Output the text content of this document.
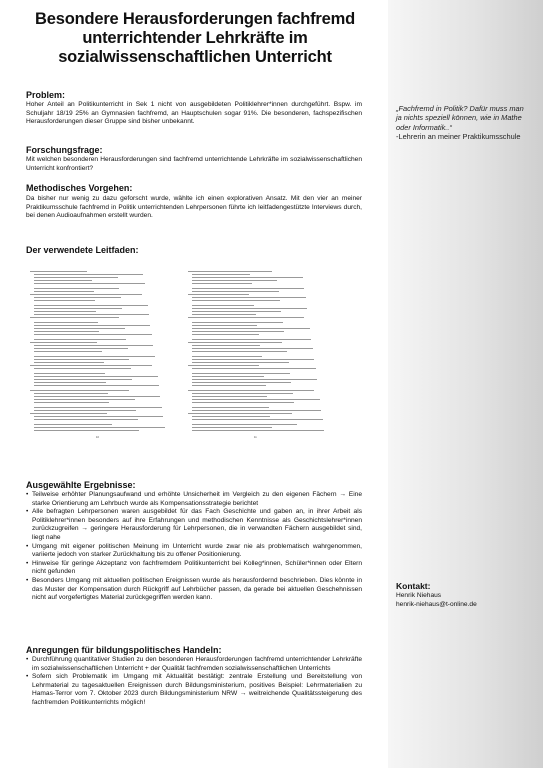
Besondere Herausforderungen fachfremd unterrichtender Lehrkräfte im sozialwissenschaftlichen Unterricht
Problem:
Hoher Anteil an Politikunterricht in Sek 1 nicht von ausgebildeten Politiklehrer*innen durchgeführt. Bspw. im Schuljahr 18/19 25% an Gymnasien fachfremd, an Hauptschulen sogar 91%. Die besonderen, fachspezifischen Herausforderungen dieser Gruppe sind bisher unbekannt.
Forschungsfrage:
Mit welchen besonderen Herausforderungen sind fachfremd unterrichtende Lehrkräfte im sozialwissenschaftlichen Unterricht konfrontiert?
Methodisches Vorgehen:
Da bisher nur wenig zu dazu geforscht wurde, wählte ich einen explorativen Ansatz. Mit den vier an meiner Praktikumsschule fachfremd in Politik unterrichtenden Lehrpersonen führte ich leitfadengestützte Interviews durch, bei denen Audioaufnahmen erstellt wurden.
Der verwendete Leitfaden:
10	11
Ausgewählte Ergebnisse:
• Teilweise erhöhter Planungsaufwand und erhöhte Unsicherheit im Vergleich zu den eigenen Fächern → Eine starke Orientierung am Lehrbuch wurde als Kompensationsstrategie berichtet
• Alle befragten Lehrpersonen waren ausgebildet für das Fach Geschichte und gaben an, in ihrer Arbeit als Politiklehrer*innen besonders auf ihre Erfahrungen und methodischen Kenntnisse als Geschichtslehrer*innen zurückzugreifen → geringere Herausforderung für Lehrpersonen, die in verwandten Fächern ausgebildet sind, liegt nahe
• Umgang mit eigener politischen Meinung im Unterricht wurde zwar nie als problematisch wahrgenommen, variierte jedoch von starker Zurückhaltung bis zu offener Positionierung.
• Hinweise für geringe Akzeptanz von fachfremdem Politikunterricht bei Kolleg*innen, Schüler*innen oder Eltern nicht gefunden
• Besonders Umgang mit aktuellen politischen Ereignissen wurde als herausfordernd beschrieben. Dies könnte in das Muster der Kompensation durch Rückgriff auf Lehrbücher passen, da gerade bei aktuellen Geschehnissen nicht auf vorgefertigtes Material zurückgegriffen werden kann.
Anregungen für bildungspolitisches Handeln:
• Durchführung quantitativer Studien zu den besonderen Herausforderungen fachfremd unterrichtender Lehrkräfte im sozialwissenschaftlichen Unterricht + der Qualität fachfremden sozialwissenschaftlichen Unterrichts
• Sofern sich Problematik im Umgang mit Aktualität bestätigt: zentrale Erstellung und Bereitstellung von Lehrmaterial zu tagesaktuellen Ereignissen durch Bildungsministerium, positives Beispiel: Lehrmaterialien zu Hamas-Terror vom 7. Oktober 2023 durch Bildungsministerium NRW → weitreichende Qualitätssteigerung des fachfremden Politikunterrichts möglich!
„Fachfremd in Politik? Dafür muss man ja nichts speziell können, wie in Mathe oder Informatik..“
-Lehrerin an meiner Praktikumsschule
Kontakt:
Henrik Niehaus
henrik-niehaus@t-online.de
